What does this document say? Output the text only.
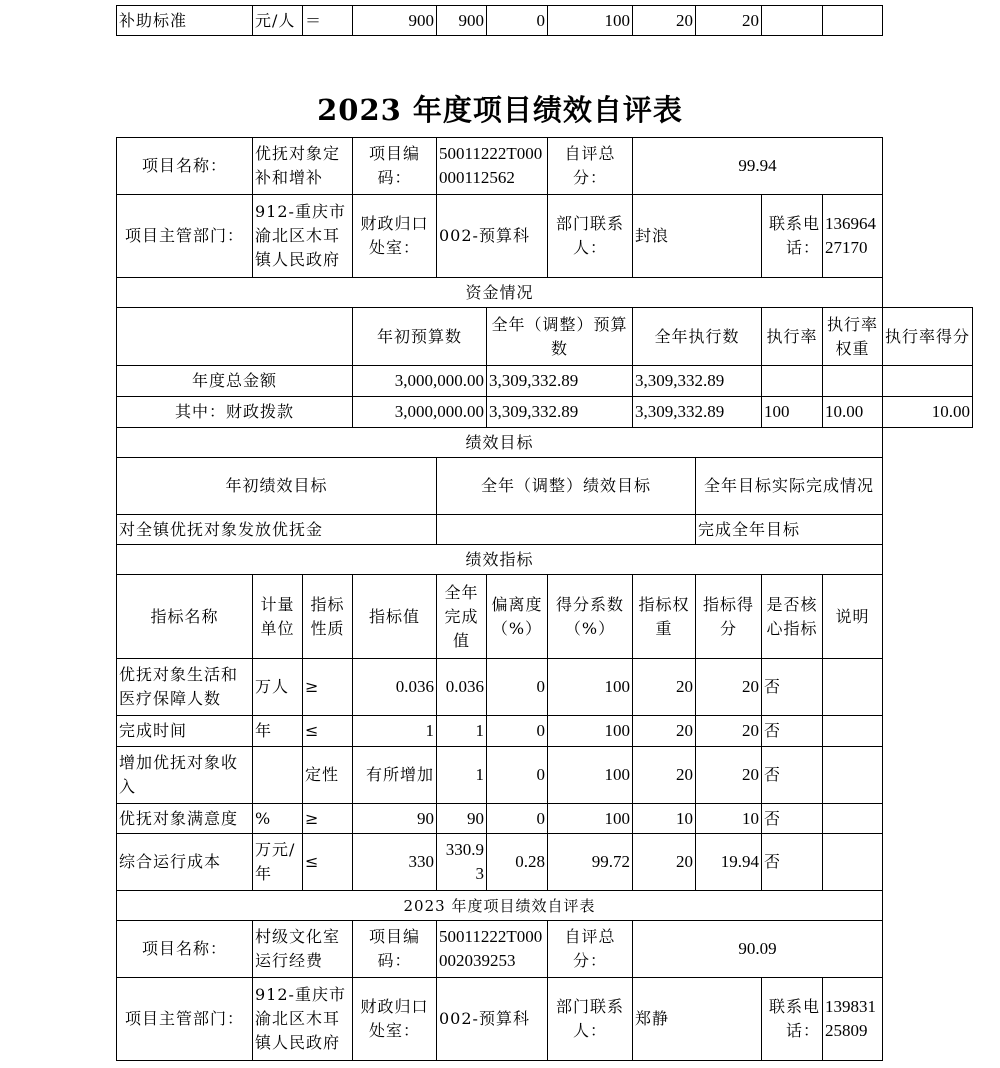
补助标准	元/人	＝	900	900	0	100	20	20		
2023 年度项目绩效自评表
项目名称：	优抚对象定补和增补		项目编码：	50011222T000000112562		自评总分：	99.94				
项目主管部门：	912-重庆市渝北区木耳镇人民政府		财政归口处室：	002-预算科		部门联系人：	封浪		联系电话：	13696427170	
资金情况											
			年初预算数		全年（调整）预算数		全年执行数		执行率	执行率权重	执行率得分
年度总金额			3,000,000.00		3,309,332.89		3,309,332.89				
其中：财政拨款			3,000,000.00		3,309,332.89		3,309,332.89		100	10.00	10.00
绩效目标											
年初绩效目标				全年（调整）绩效目标				全年目标实际完成情况			
对全镇优抚对象发放优抚金								完成全年目标			
绩效指标											
指标名称	计量单位	指标性质	指标值	全年完成值	偏离度（%）	得分系数（%）	指标权重	指标得分	是否核心指标	说明	
优抚对象生活和医疗保障人数	万人	≥	0.036	0.036	0	100	20	20	否		
完成时间	年	≤	1	1	0	100	20	20	否		
增加优抚对象收入		定性	有所增加	1	0	100	20	20	否		
优抚对象满意度	%	≥	90	90	0	100	10	10	否		
综合运行成本	万元/年	≤	330	330.93	0.28	99.72	20	19.94	否		
2023 年度项目绩效自评表											
项目名称：	村级文化室运行经费		项目编码：	50011222T000002039253		自评总分：	90.09				
项目主管部门：	912-重庆市渝北区木耳镇人民政府		财政归口处室：	002-预算科		部门联系人：	郑静		联系电话：	13983125809	
